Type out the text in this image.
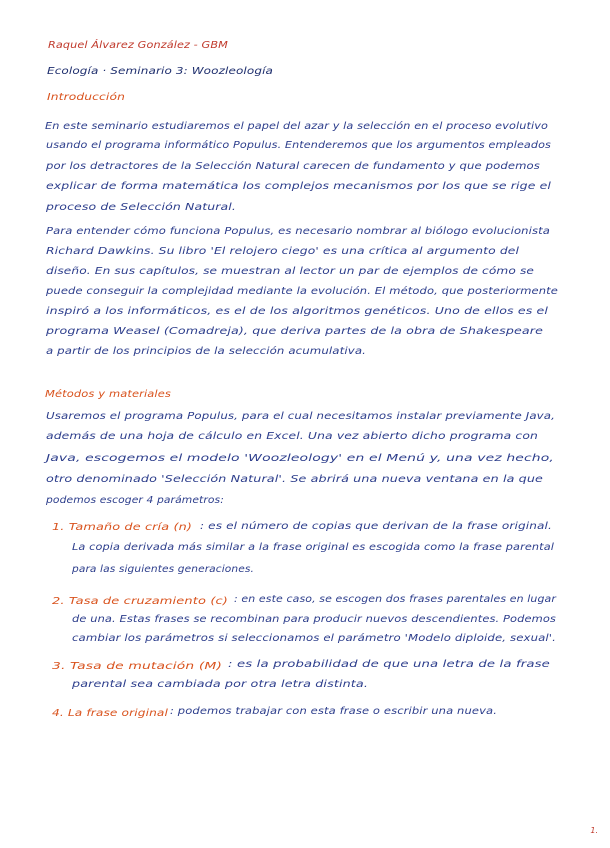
Raquel Álvarez González - GBM
Ecología · Seminario 3: Woozleología
Introducción
En este seminario estudiaremos el papel del azar y la selección en el proceso evolutivo
usando el programa informático Populus. Entenderemos que los argumentos empleados
por los detractores de la Selección Natural carecen de fundamento y que podemos
explicar de forma matemática los complejos mecanismos por los que se rige el
proceso de Selección Natural.
Para entender cómo funciona Populus, es necesario nombrar al biólogo evolucionista
Richard Dawkins. Su libro 'El relojero ciego' es una crítica al argumento del
diseño. En sus capítulos, se muestran al lector un par de ejemplos de cómo se
puede conseguir la complejidad mediante la evolución. El método, que posteriormente
inspiró a los informáticos, es el de los algoritmos genéticos. Uno de ellos es el
programa Weasel (Comadreja), que deriva partes de la obra de Shakespeare
a partir de los principios de la selección acumulativa.
Métodos y materiales
Usaremos el programa Populus, para el cual necesitamos instalar previamente Java,
además de una hoja de cálculo en Excel. Una vez abierto dicho programa con
Java, escogemos el modelo 'Woozleology' en el Menú y, una vez hecho,
otro denominado 'Selección Natural'. Se abrirá una nueva ventana en la que
podemos escoger 4 parámetros:
1. Tamaño de cría (n) : es el número de copias que derivan de la frase original.
La copia derivada más similar a la frase original es escogida como la frase parental
para las siguientes generaciones.
2. Tasa de cruzamiento (c) : en este caso, se escogen dos frases parentales en lugar
de una. Estas frases se recombinan para producir nuevos descendientes. Podemos
cambiar los parámetros si seleccionamos el parámetro 'Modelo diploide, sexual'.
3. Tasa de mutación (M) : es la probabilidad de que una letra de la frase
parental sea cambiada por otra letra distinta.
4. La frase original : podemos trabajar con esta frase o escribir una nueva.
1.
